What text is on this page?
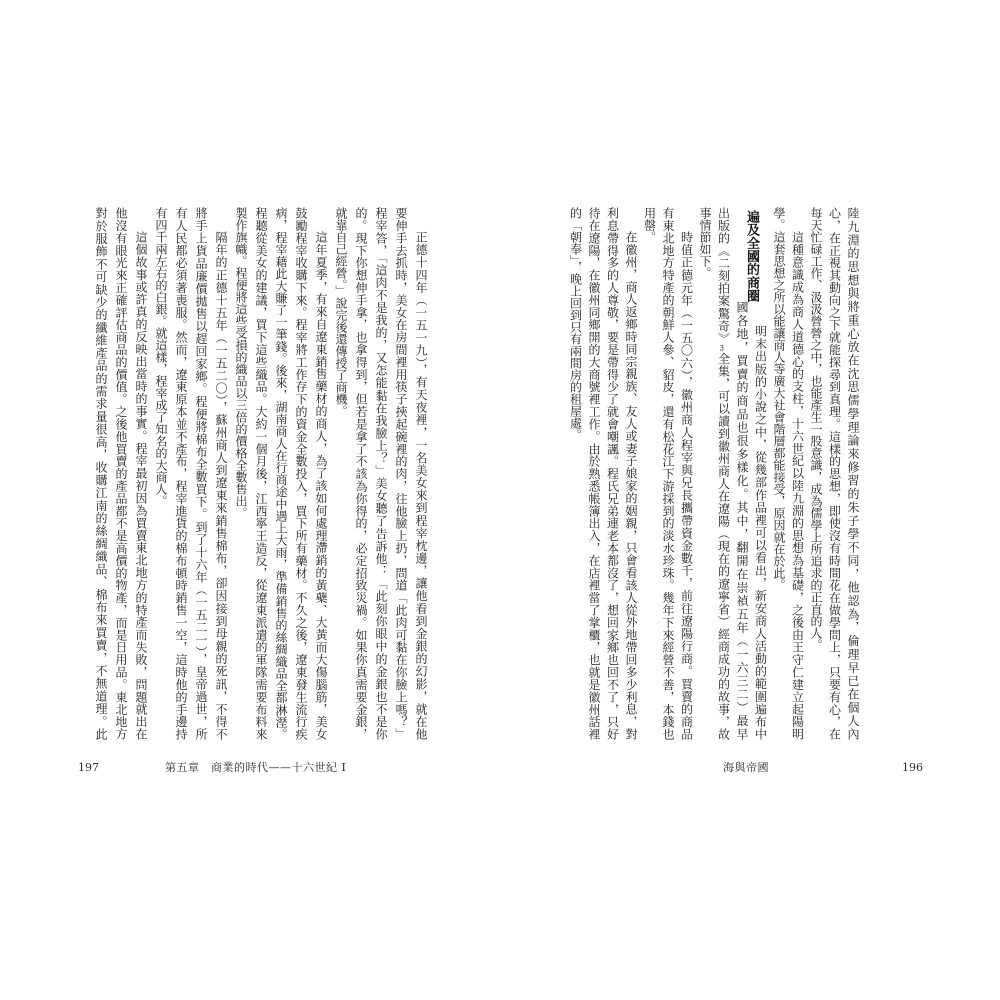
陸九淵的思想與將重心放在沈思儒學理論來修習的朱子學不同，他認為，倫理早已在個人內
心，在正視其動向之下就能探尋到真理。這樣的思想，即使沒有時間花在做學問上，只要有心，在
每天忙碌工作、汲汲營營之中，也能產生一股意識，成為儒學上所追求的正直的人。
這種意識成為商人道德心的支柱，十六世紀以陸九淵的思想為基礎，之後由王守仁建立起陽明
學。這套思想之所以能讓商人等廣大社會階層都能接受，原因就在於此。
明末出版的小說之中，從幾部作品裡可以看出，新安商人活動的範圍遍布中
國各地，買賣的商品也很多樣化。其中，翻開在崇禎五年（一六三二）最早
出版的《二刻拍案驚奇》3全集，可以讀到徽州商人在遼陽（現在的遼寧省）經商成功的故事，故
事情節如下。
時值正德元年（一五〇六），徽州商人程宰與兄長攜帶資金數千，前往遼陽行商。買賣的商品
有東北地方特產的朝鮮人參、貂皮，還有松花江下游採到的淡水珍珠。幾年下來經營不善，本錢也
用罄。
在徽州，商人返鄉時同宗親族、友人或妻子娘家的姻親，只會看該人從外地帶回多少利息，對
利息帶得多的人尊敬，要是帶得少了就會嘲諷。程氏兄弟連老本都沒了，想回家鄉也回不了，只好
待在遼陽，在徽州同鄉開的大商號裡工作。由於熟悉帳簿出入，在店裡當了掌櫃，也就是徽州話裡
的「朝奉」，晚上回到只有兩間房的租屋處。	遍及全國的商圈
正德十四年（一五一九），有天夜裡，一名美女來到程宰枕邊，讓他看到金銀的幻影，就在他
要伸手去抓時，美女在房間裡用筷子挾起碗裡的肉，往他臉上扔，問道「此肉可黏在你臉上嗎？」
程宰答，「這肉不是我的，又怎能黏在我臉上？」美女聽了告訴他：「此刻你眼中的金銀也不是你
的。現下你想伸手拿，也拿得到，但若是拿了不該為你得的，必定招致災禍。如果你真需要金銀，
就靠自己經營。」說完後還傳授了商機。
這年夏季，有來自遼東銷售藥材的商人，為了該如何處理滯銷的黃蘗、大黃而大傷腦筋，美女
鼓勵程宰收購下來。程宰將工作存下的資金全數投入，買下所有藥材。不久之後，遼東發生流行疾
病，程宰藉此大賺了一筆錢。後來，湖南商人在行商途中遇上大雨，準備銷售的絲綢織品全都淋溼。
程聽從美女的建議，買下這些織品。大約一個月後，江西寧王造反，從遼東派遣的軍隊需要布料來
製作旗幟。程便將這些受損的織品以三倍的價格全數售出。
隔年的正德十五年（一五二〇），蘇州商人到遼東來銷售棉布，卻因接到母親的死訊，不得不
將手上貨品廉價拋售以趕回家鄉。程便將棉布全數買下。到了十六年（一五二一），皇帝過世，所
有人民都必須著喪服。然而，遼東原本並不產布，程宰進貨的棉布頓時銷售一空，這時他的手邊持
有四千兩左右的白銀。就這樣，程宰成了知名的大商人。
這個故事或許真的反映出當時的事實。程宰最初因為買賣東北地方的特產而失敗，問題就出在
他沒有眼光來正確評估商品的價值。之後他買賣的產品都不是高價的物產，而是日用品。東北地方
對於服飾不可缺少的纖維產品的需求量很高，收購江南的絲綢織品、棉布來買賣，不無道理。此
197	第五章　商業的時代——十六世紀 I	海與帝國	196
